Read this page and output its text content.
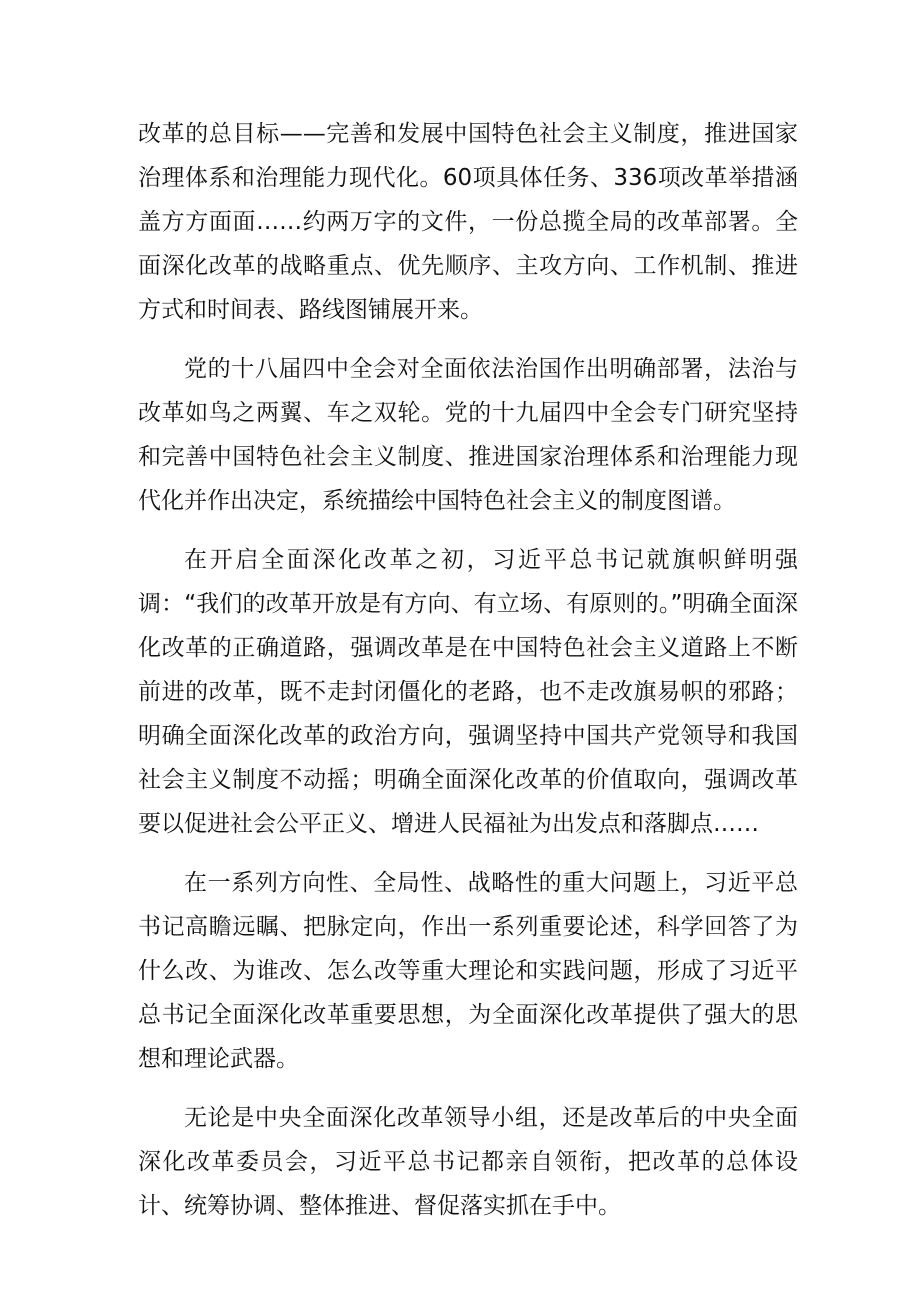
改革的总目标——完善和发展中国特色社会主义制度，推进国家治理体系和治理能力现代化。60项具体任务、336项改革举措涵盖方方面面……约两万字的文件，一份总揽全局的改革部署。全面深化改革的战略重点、优先顺序、主攻方向、工作机制、推进方式和时间表、路线图铺展开来。

党的十八届四中全会对全面依法治国作出明确部署，法治与改革如鸟之两翼、车之双轮。党的十九届四中全会专门研究坚持和完善中国特色社会主义制度、推进国家治理体系和治理能力现代化并作出决定，系统描绘中国特色社会主义的制度图谱。

在开启全面深化改革之初，习近平总书记就旗帜鲜明强调：“我们的改革开放是有方向、有立场、有原则的。”明确全面深化改革的正确道路，强调改革是在中国特色社会主义道路上不断前进的改革，既不走封闭僵化的老路，也不走改旗易帜的邪路；明确全面深化改革的政治方向，强调坚持中国共产党领导和我国社会主义制度不动摇；明确全面深化改革的价值取向，强调改革要以促进社会公平正义、增进人民福祉为出发点和落脚点……

在一系列方向性、全局性、战略性的重大问题上，习近平总书记高瞻远瞩、把脉定向，作出一系列重要论述，科学回答了为什么改、为谁改、怎么改等重大理论和实践问题，形成了习近平总书记全面深化改革重要思想，为全面深化改革提供了强大的思想和理论武器。

无论是中央全面深化改革领导小组，还是改革后的中央全面深化改革委员会，习近平总书记都亲自领衔，把改革的总体设计、统筹协调、整体推进、督促落实抓在手中。
